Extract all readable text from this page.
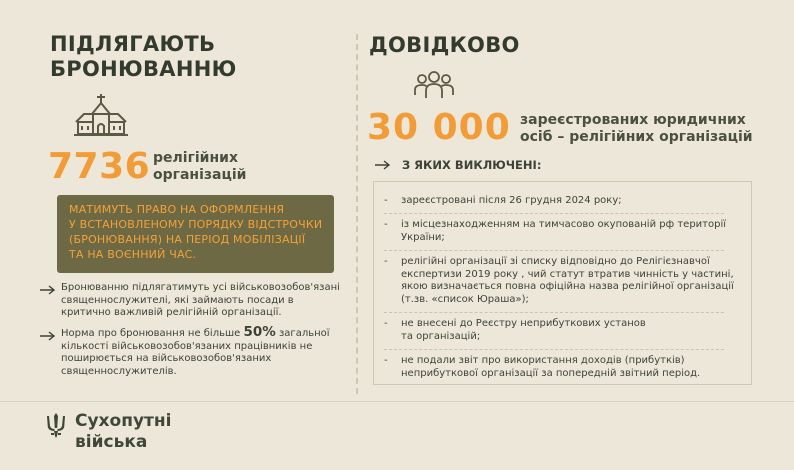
ПІДЛЯГАЮТЬ
БРОНЮВАННЮ
7736 релігійних
організацій
МАТИМУТЬ ПРАВО НА ОФОРМЛЕННЯ
У ВСТАНОВЛЕНОМУ ПОРЯДКУ ВІДСТРОЧКИ
(БРОНЮВАННЯ) НА ПЕРІОД МОБІЛІЗАЦІЇ
ТА НА ВОЄННИЙ ЧАС.
Бронюванню підлягатимуть усі військовозобов'язані
священнослужителі, які займають посади в
критично важливій релігійній організації.
Норма про бронювання не більше 50% загальної
кількості військовозобов'язаних працівників не
поширюється на військовозобов'язаних
священнослужителів.
ДОВІДКОВО
30 000 зареєстрованих юридичних
осіб – релігійних організацій
З ЯКИХ ВИКЛЮЧЕНІ:
- зареєстровані після 26 грудня 2024 року;
- із місцезнаходженням на тимчасово окупованій рф території
України;
- релігійні організації зі списку відповідно до Релігієзнавчої
експертизи 2019 року , чий статут втратив чинність у частині,
якою визначається повна офіційна назва релігійної організації
(т.зв. «список Юраша»);
- не внесені до Реєстру неприбуткових установ
та організацій;
- не подали звіт про використання доходів (прибутків)
неприбуткової організації за попередній звітний період.
Сухопутні
війська
